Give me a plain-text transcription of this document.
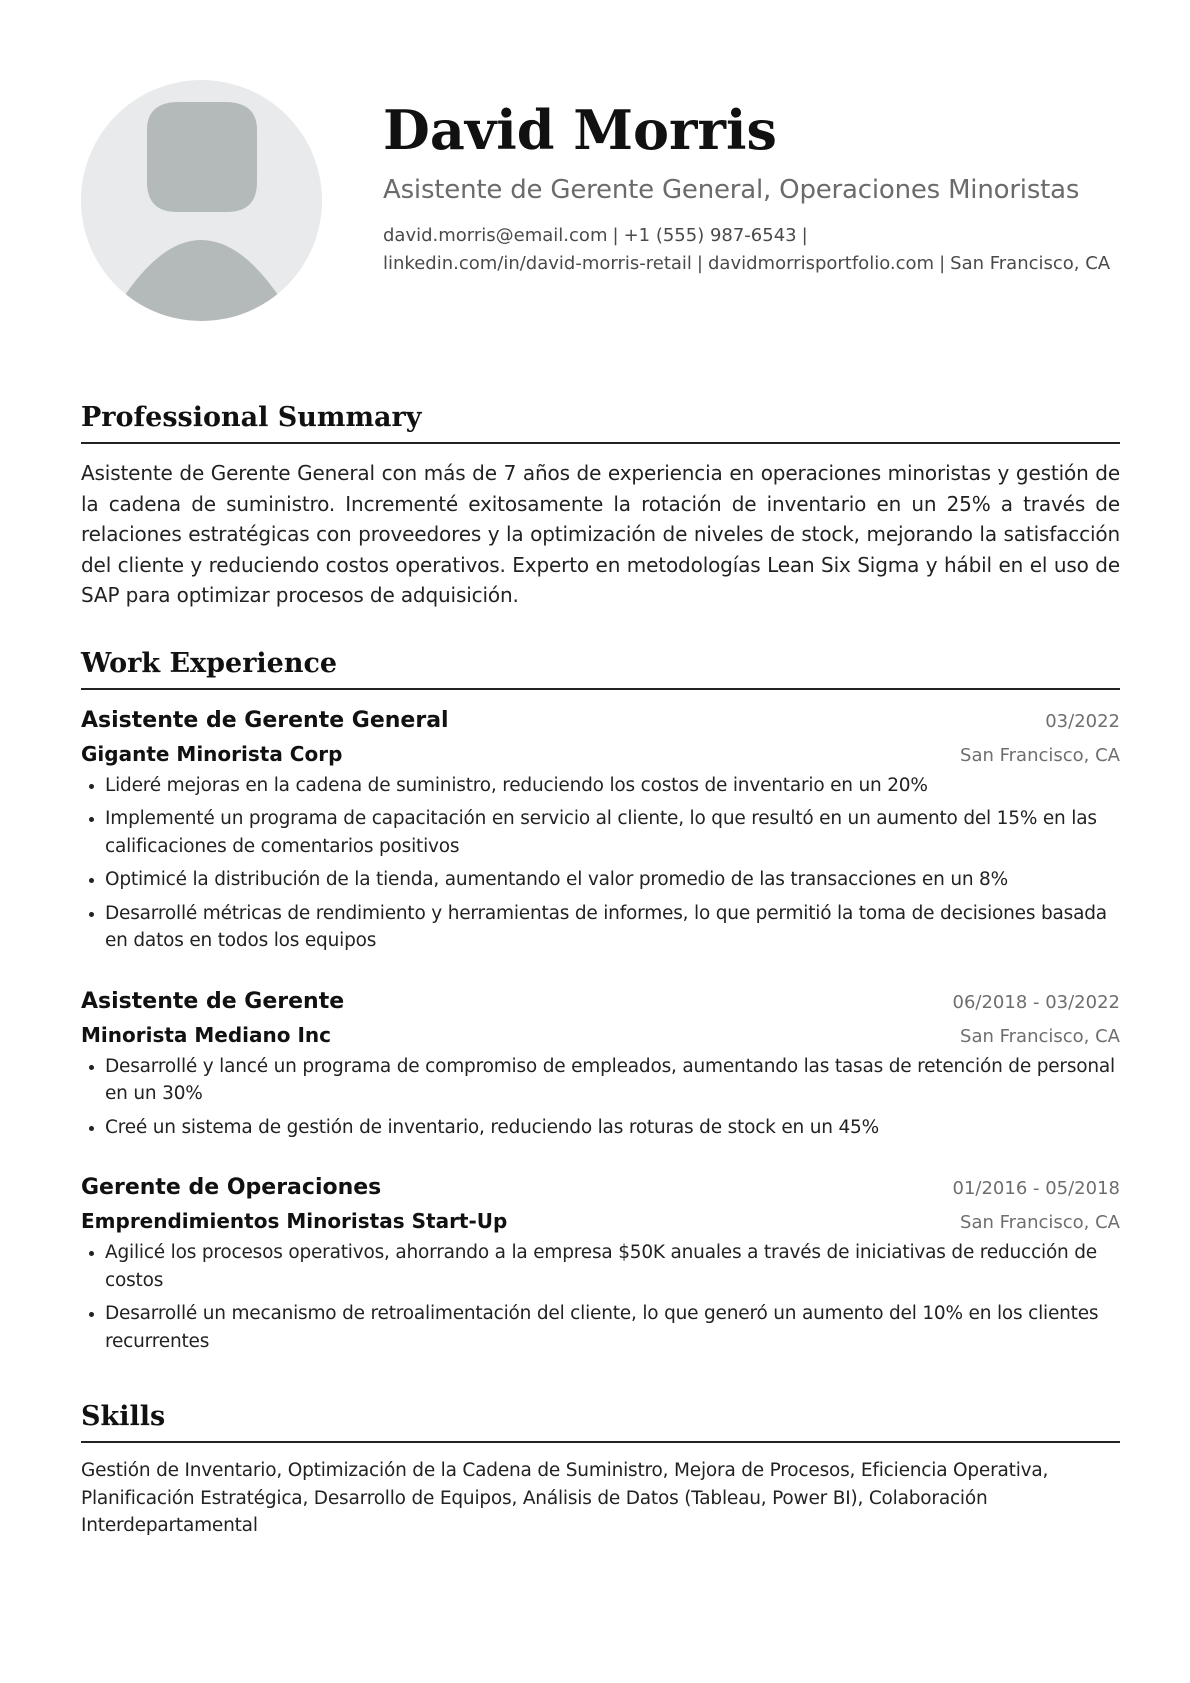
David Morris
Asistente de Gerente General, Operaciones Minoristas
david.morris@email.com | +1 (555) 987-6543 |
linkedin.com/in/david-morris-retail | davidmorrisportfolio.com | San Francisco, CA
Professional Summary

Asistente de Gerente General con más de 7 años de experiencia en operaciones minoristas y gestión de la cadena de suministro. Incrementé exitosamente la rotación de inventario en un 25% a través de relaciones estratégicas con proveedores y la optimización de niveles de stock, mejorando la satisfacción del cliente y reduciendo costos operativos. Experto en metodologías Lean Six Sigma y hábil en el uso de SAP para optimizar procesos de adquisición.

Work Experience
Asistente de Gerente General	03/2022
Gigante Minorista Corp	San Francisco, CA
Lideré mejoras en la cadena de suministro, reduciendo los costos de inventario en un 20%
Implementé un programa de capacitación en servicio al cliente, lo que resultó en un aumento del 15% en las calificaciones de comentarios positivos
Optimicé la distribución de la tienda, aumentando el valor promedio de las transacciones en un 8%
Desarrollé métricas de rendimiento y herramientas de informes, lo que permitió la toma de decisiones basada en datos en todos los equipos
Asistente de Gerente	06/2018 - 03/2022
Minorista Mediano Inc	San Francisco, CA
Desarrollé y lancé un programa de compromiso de empleados, aumentando las tasas de retención de personal en un 30%
Creé un sistema de gestión de inventario, reduciendo las roturas de stock en un 45%
Gerente de Operaciones	01/2016 - 05/2018
Emprendimientos Minoristas Start-Up	San Francisco, CA
Agilicé los procesos operativos, ahorrando a la empresa $50K anuales a través de iniciativas de reducción de costos
Desarrollé un mecanismo de retroalimentación del cliente, lo que generó un aumento del 10% en los clientes recurrentes
Skills

Gestión de Inventario, Optimización de la Cadena de Suministro, Mejora de Procesos, Eficiencia Operativa, Planificación Estratégica, Desarrollo de Equipos, Análisis de Datos (Tableau, Power BI), Colaboración Interdepartamental
